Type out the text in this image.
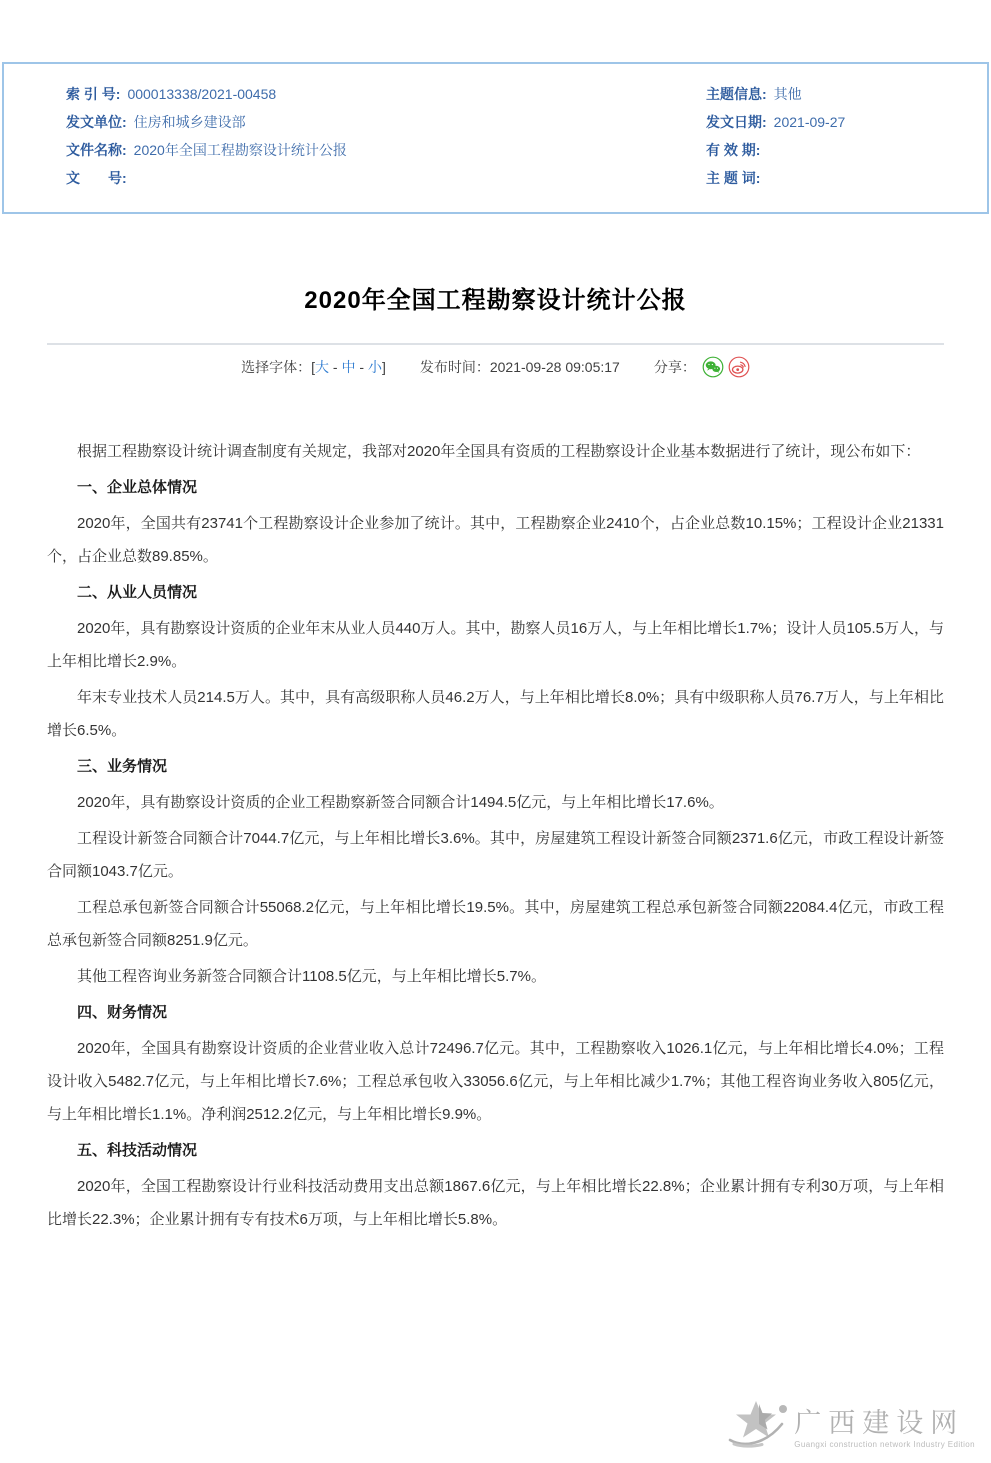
索 引 号: 000013338/2021-00458
发文单位: 住房和城乡建设部
文件名称: 2020年全国工程勘察设计统计公报
文　　号:
主题信息: 其他
发文日期: 2021-09-27
有 效 期:
主 题 词:
2020年全国工程勘察设计统计公报
选择字体： [ 大 - 中 - 小 ] 发布时间： 2021-09-28 09:05:17 分享：

根据工程勘察设计统计调查制度有关规定，我部对2020年全国具有资质的工程勘察设计企业基本数据进行了统计，现公布如下：

一、企业总体情况

2020年，全国共有23741个工程勘察设计企业参加了统计。其中，工程勘察企业2410个，占企业总数10.15%；工程设计企业21331个，占企业总数89.85%。

二、从业人员情况

2020年，具有勘察设计资质的企业年末从业人员440万人。其中，勘察人员16万人，与上年相比增长1.7%；设计人员105.5万人，与上年相比增长2.9%。

年末专业技术人员214.5万人。其中，具有高级职称人员46.2万人，与上年相比增长8.0%；具有中级职称人员76.7万人，与上年相比增长6.5%。

三、业务情况

2020年，具有勘察设计资质的企业工程勘察新签合同额合计1494.5亿元，与上年相比增长17.6%。

工程设计新签合同额合计7044.7亿元，与上年相比增长3.6%。其中，房屋建筑工程设计新签合同额2371.6亿元，市政工程设计新签合同额1043.7亿元。

工程总承包新签合同额合计55068.2亿元，与上年相比增长19.5%。其中，房屋建筑工程总承包新签合同额22084.4亿元，市政工程总承包新签合同额8251.9亿元。

其他工程咨询业务新签合同额合计1108.5亿元，与上年相比增长5.7%。

四、财务情况

2020年，全国具有勘察设计资质的企业营业收入总计72496.7亿元。其中，工程勘察收入1026.1亿元，与上年相比增长4.0%；工程设计收入5482.7亿元，与上年相比增长7.6%；工程总承包收入33056.6亿元，与上年相比减少1.7%；其他工程咨询业务收入805亿元，与上年相比增长1.1%。净利润2512.2亿元，与上年相比增长9.9%。

五、科技活动情况

2020年，全国工程勘察设计行业科技活动费用支出总额1867.6亿元，与上年相比增长22.8%；企业累计拥有专利30万项，与上年相比增长22.3%；企业累计拥有专有技术6万项，与上年相比增长5.8%。

广西建设网
Guangxi construction network Industry Edition
